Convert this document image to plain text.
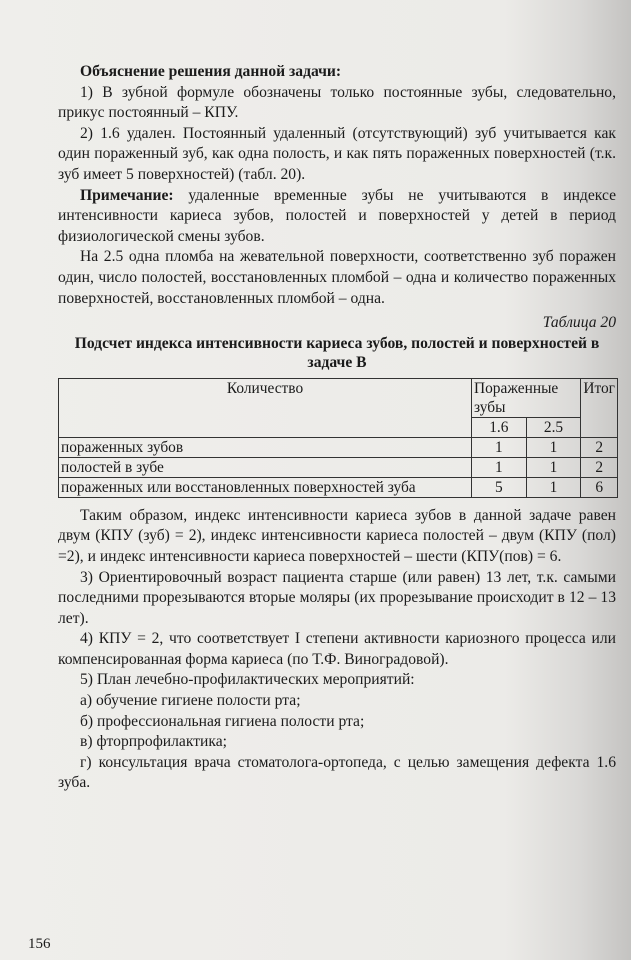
Объяснение решения данной задачи:

1) В зубной формуле обозначены только постоянные зубы, следовательно, прикус постоянный – КПУ.

2) 1.6 удален. Постоянный удаленный (отсутствующий) зуб учитывается как один пораженный зуб, как одна полость, и как пять пораженных поверхностей (т.к. зуб имеет 5 поверхностей) (табл. 20).

Примечание: удаленные временные зубы не учитываются в индексе интенсивности кариеса зубов, полостей и поверхностей у детей в период физиологической смены зубов.

На 2.5 одна пломба на жевательной поверхности, соответственно зуб поражен один, число полостей, восстановленных пломбой – одна и количество пораженных поверхностей, восстановленных пломбой – одна.

Таблица 20

Подсчет индекса интенсивности кариеса зубов, полостей и поверхностей в задаче В

Количество	Пораженные зубы		Итог
	1.6	2.5	
пораженных зубов	1	1	2
полостей в зубе	1	1	2
пораженных или восстановленных поверхностей зуба	5	1	6

Таким образом, индекс интенсивности кариеса зубов в данной задаче равен двум (КПУ (зуб) = 2), индекс интенсивности кариеса полостей – двум (КПУ (пол) =2), и индекс интенсивности кариеса поверхностей – шести (КПУ(пов) = 6.

3) Ориентировочный возраст пациента старше (или равен) 13 лет, т.к. самыми последними прорезываются вторые моляры (их прорезывание происходит в 12 – 13 лет).

4) КПУ = 2, что соответствует I степени активности кариозного процесса или компенсированная форма кариеса (по Т.Ф. Виноградовой).

5) План лечебно-профилактических мероприятий:

а) обучение гигиене полости рта;

б) профессиональная гигиена полости рта;

в) фторпрофилактика;

г) консультация врача стоматолога-ортопеда, с целью замещения дефекта 1.6 зуба.

156
